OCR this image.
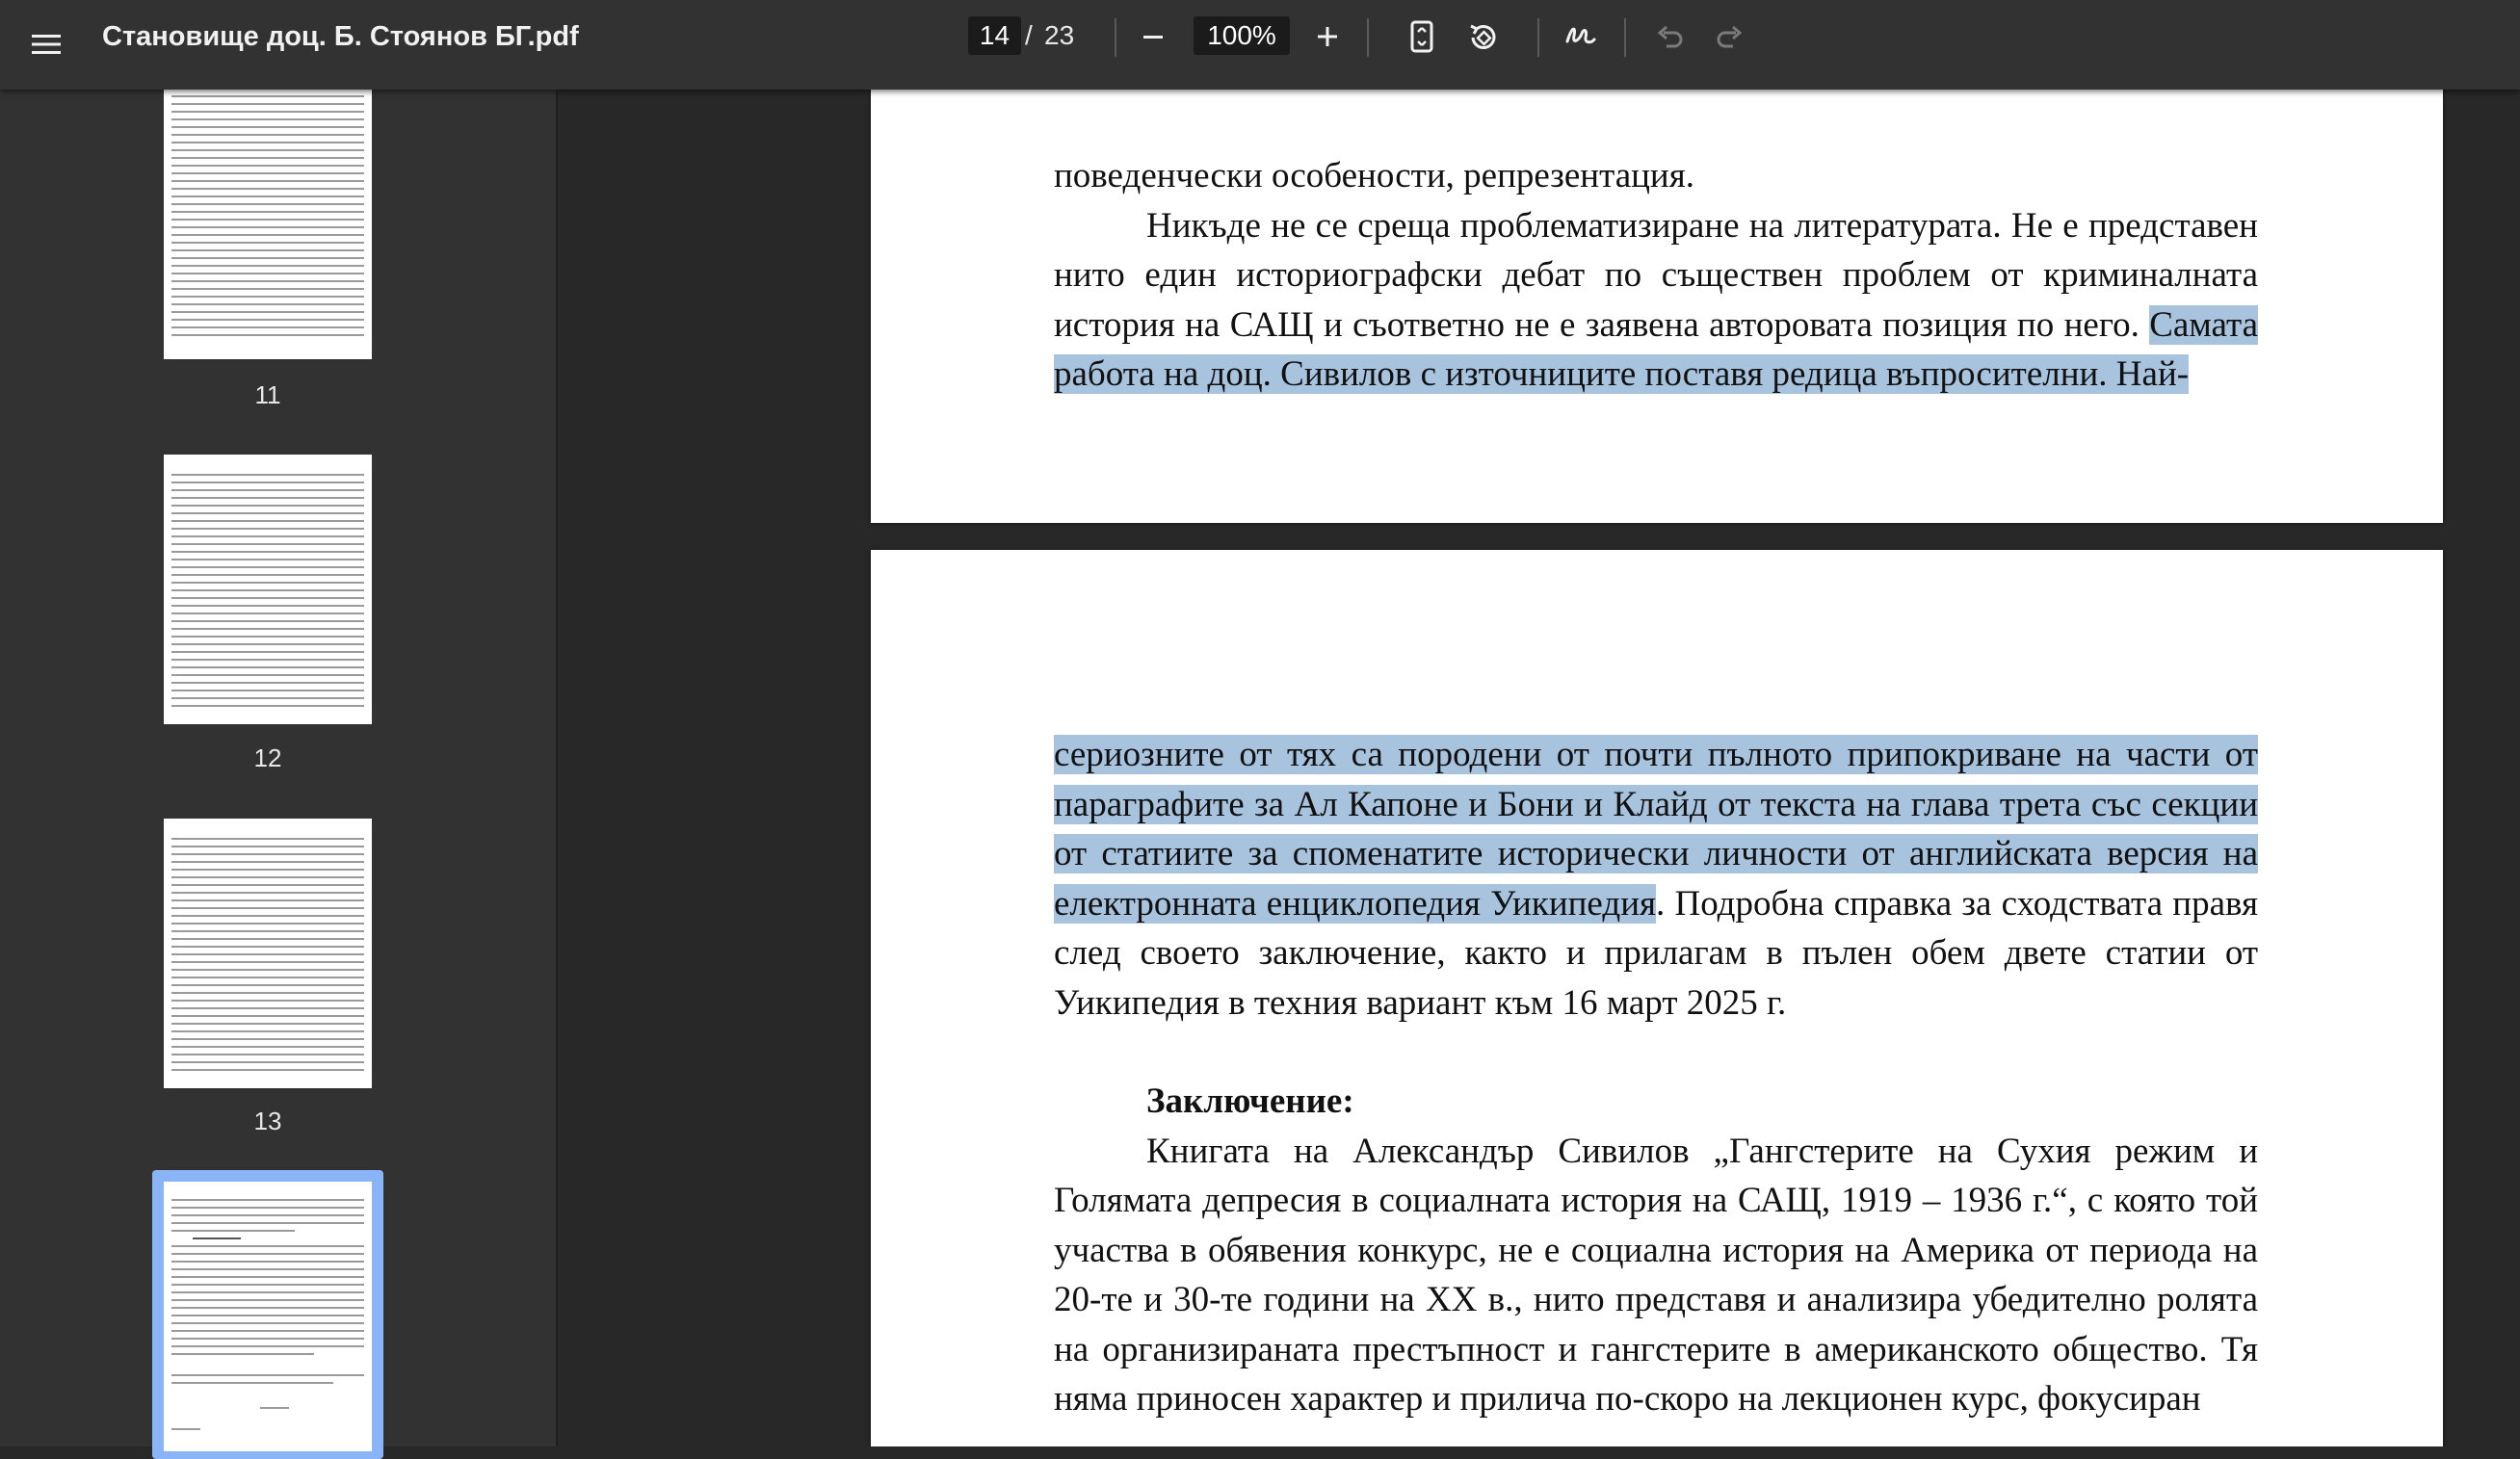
Становище доц. Б. Стоянов БГ.pdf	14 / 23	100%
11
12
13

поведенчески особености, репрезентация.

Никъде не се среща проблематизиране на литературата. Не е представен нито един историографски дебат по съществен проблем от криминалната история на САЩ и съответно не е заявена авторовата позиция по него. Самата работа на доц. Сивилов с източниците поставя редица въпросителни. Най-

сериозните от тях са породени от почти пълното припокриване на части от параграфите за Ал Капоне и Бони и Клайд от текста на глава трета със секции от статиите за споменатите исторически личности от английската версия на електронната енциклопедия Уикипедия. Подробна справка за сходствата правя след своето заключение, както и прилагам в пълен обем двете статии от Уикипедия в техния вариант към 16 март 2025 г.

Заключение:

Книгата на Александър Сивилов „Гангстерите на Сухия режим и Голямата депресия в социалната история на САЩ, 1919 – 1936 г.“, с която той участва в обявения конкурс, не е социална история на Америка от периода на 20-те и 30-те години на ХХ в., нито представя и анализира убедително ролята на организираната престъпност и гангстерите в американското общество. Тя няма приносен характер и прилича по-скоро на лекционен курс, фокусиран
